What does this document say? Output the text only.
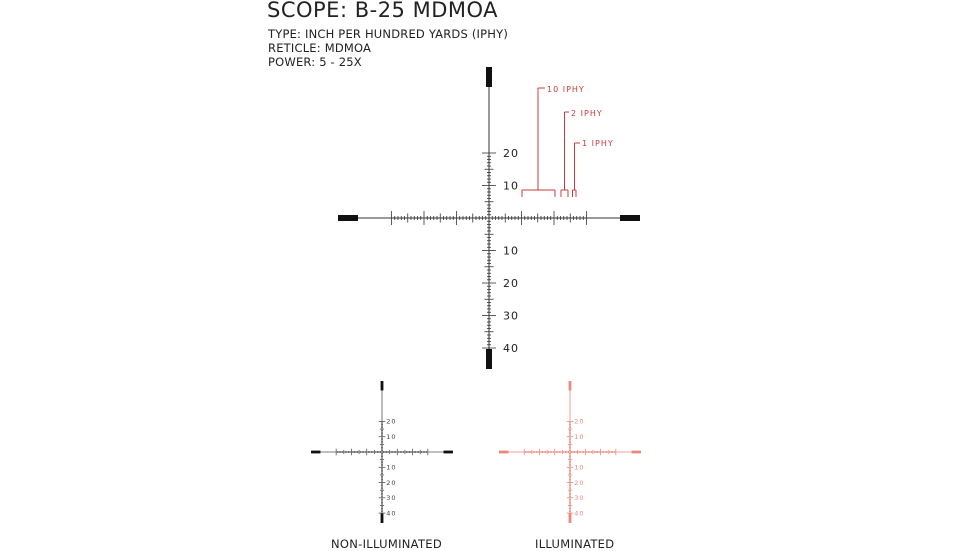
SCOPE: B-25 MDMOA
TYPE: INCH PER HUNDRED YARDS (IPHY)
RETICLE: MDMOA
POWER: 5 - 25X
20
10
10
20
30
40
10 IPHY
2 IPHY
1 IPHY
20
10
10
20
30
40
20
10
10
20
30
40
NON-ILLUMINATED	ILLUMINATED
